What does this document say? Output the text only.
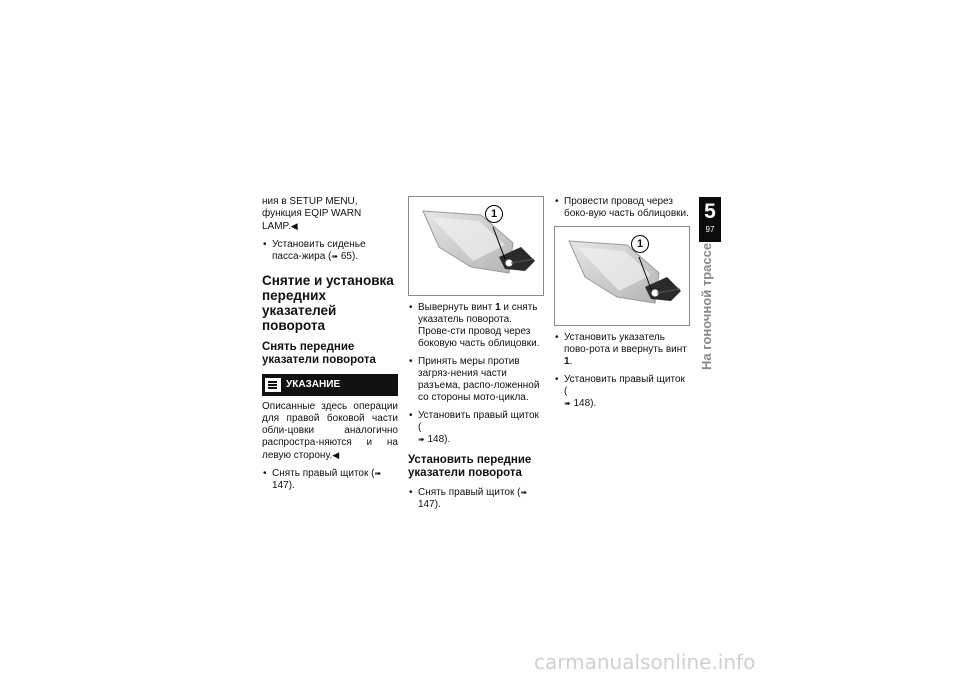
ния в SETUP MENU, функция EQIP WARN LAMP.◀

• Установить сиденье пасса-жира (➠ 65).
Снятие и установка передних указателей поворота
Снять передние указатели поворота
УКАЗАНИЕ

Описанные здесь операции для правой боковой части обли-цовки аналогично распростра-няются и на левую сторону.◀

• Снять правый щиток (➠ 147).
1
• Вывернуть винт 1 и снять указатель поворота. Прове-сти провод через боковую часть облицовки.
• Принять меры против загряз-нения части разъема, распо-ложенной со стороны мото-цикла.
• Установить правый щиток (
➠ 148).
Установить передние указатели поворота
• Снять правый щиток (➠ 147).
• Провести провод через боко-вую часть облицовки.
1
• Установить указатель пово-рота и ввернуть винт 1.
• Установить правый щиток (
➠ 148).
5
97
На гоночной трассе
carmanualsonline.info
